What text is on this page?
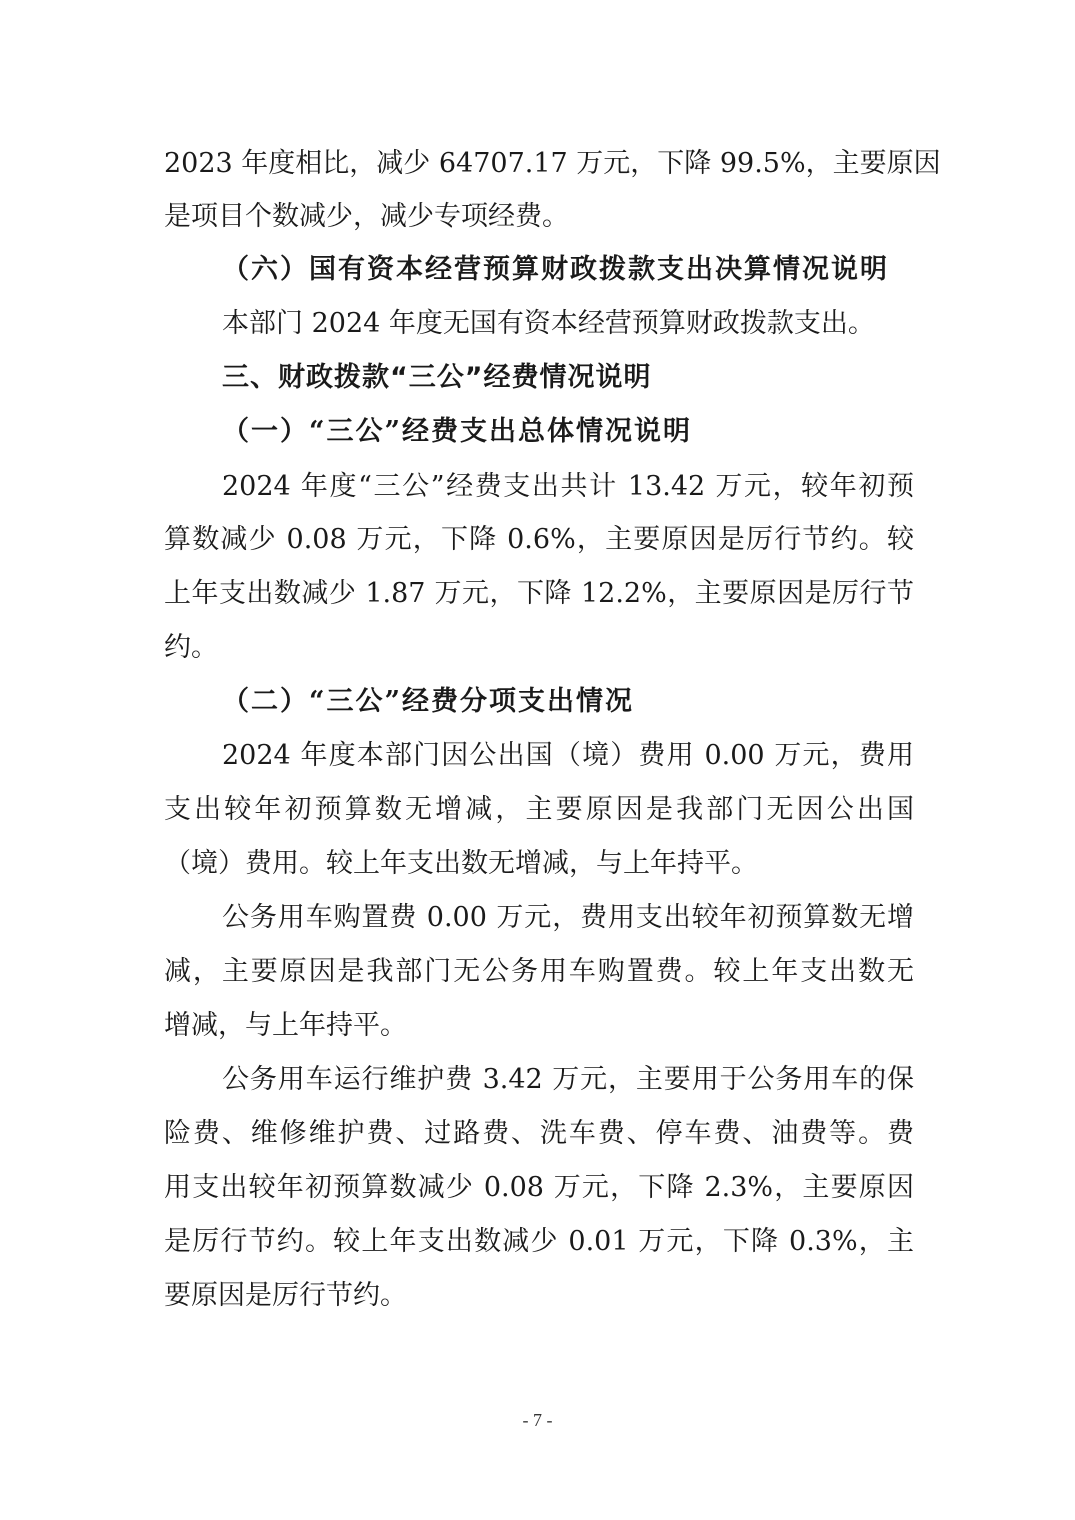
2023 年度相比，减少 64707.17 万元，下降 99.5%，主要原因
是项目个数减少，减少专项经费。
（六）国有资本经营预算财政拨款支出决算情况说明
本部门 2024 年度无国有资本经营预算财政拨款支出。
三、财政拨款“三公”经费情况说明
（一）“三公”经费支出总体情况说明
2024 年度“三公”经费支出共计 13.42 万元，较年初预
算数减少 0.08 万元，下降 0.6%，主要原因是厉行节约。较
上年支出数减少 1.87 万元，下降 12.2%，主要原因是厉行节
约。
（二）“三公”经费分项支出情况
2024 年度本部门因公出国（境）费用 0.00 万元，费用
支出较年初预算数无增减，主要原因是我部门无因公出国
（境）费用。较上年支出数无增减，与上年持平。
公务用车购置费 0.00 万元，费用支出较年初预算数无增
减，主要原因是我部门无公务用车购置费。较上年支出数无
增减，与上年持平。
公务用车运行维护费 3.42 万元，主要用于公务用车的保
险费、维修维护费、过路费、洗车费、停车费、油费等。费
用支出较年初预算数减少 0.08 万元，下降 2.3%，主要原因
是厉行节约。较上年支出数减少 0.01 万元，下降 0.3%，主
要原因是厉行节约。
- 7 -
